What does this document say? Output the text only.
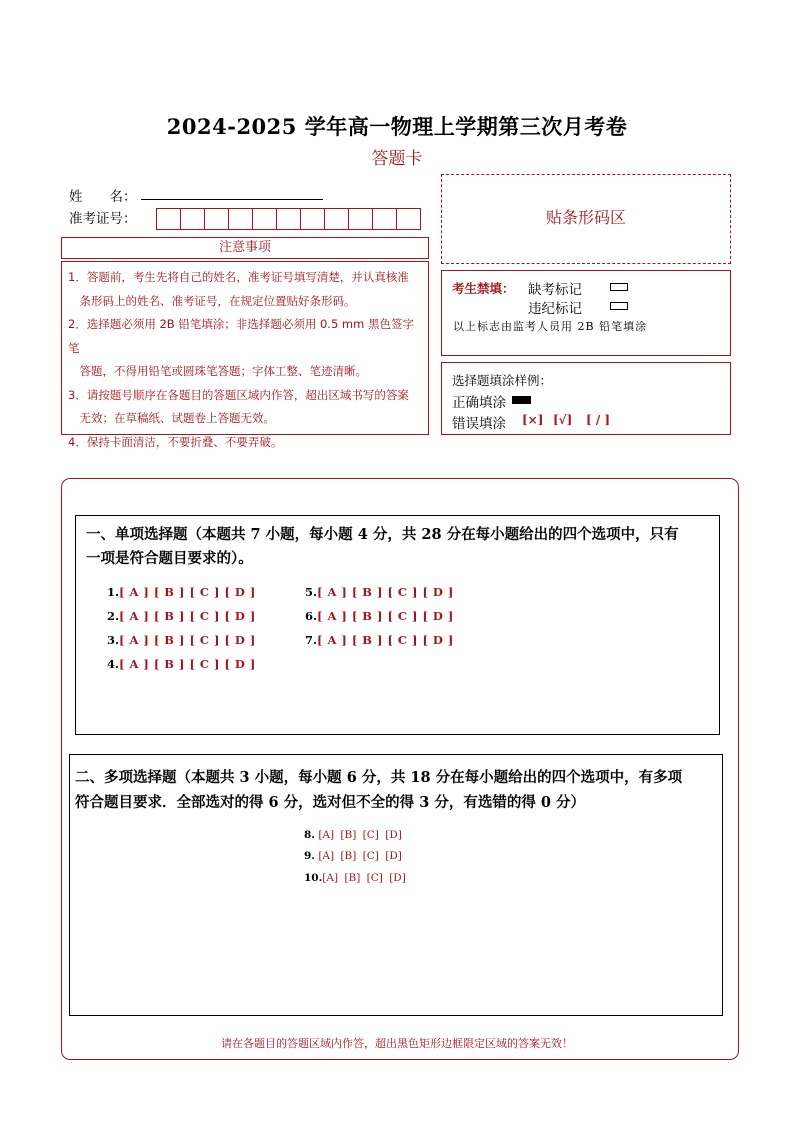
2024-2025 学年高一物理上学期第三次月考卷
答题卡
姓　　名：
准考证号：
注意事项

1．答题前，考生先将自己的姓名，准考证号填写清楚，并认真核准

　条形码上的姓名、准考证号，在规定位置贴好条形码。

2．选择题必须用 2B 铅笔填涂；非选择题必须用 0.5 mm 黑色签字笔

　答题，不得用铅笔或圆珠笔答题；字体工整、笔迹清晰。

3．请按题号顺序在各题目的答题区域内作答，超出区域书写的答案

　无效；在草稿纸、试题卷上答题无效。

4．保持卡面清洁，不要折叠、不要弄破。

贴条形码区
考生禁填： 缺考标记
违纪标记
以上标志由监考人员用 2B 铅笔填涂
选择题填涂样例：
正确填涂
错误填涂 [×] [√] [ / ]
一、单项选择题（本题共 7 小题，每小题 4 分，共 28 分在每小题给出的四个选项中，只有
一项是符合题目要求的）。
1.[ A ] [ B ] [ C ] [ D ]
2.[ A ] [ B ] [ C ] [ D ]
3.[ A ] [ B ] [ C ] [ D ]
4.[ A ] [ B ] [ C ] [ D ]
5.[ A ] [ B ] [ C ] [ D ]
6.[ A ] [ B ] [ C ] [ D ]
7.[ A ] [ B ] [ C ] [ D ]
二、多项选择题（本题共 3 小题，每小题 6 分，共 18 分在每小题给出的四个选项中，有多项
符合题目要求．全部选对的得 6 分，选对但不全的得 3 分，有选错的得 0 分）
8. [A] [B] [C] [D]
9. [A] [B] [C] [D]
10.[A] [B] [C] [D]
请在各题目的答题区域内作答，超出黑色矩形边框限定区域的答案无效！
